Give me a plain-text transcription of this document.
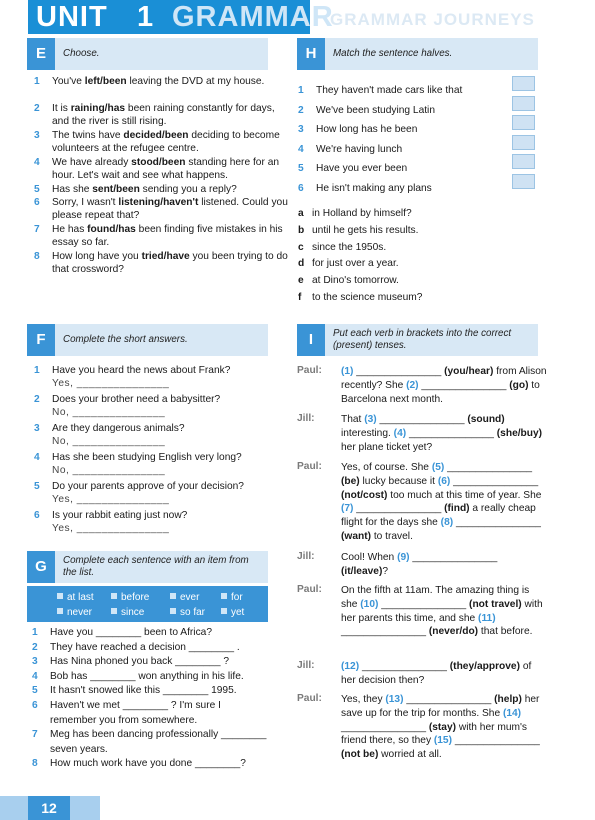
UNIT 1 GRAMMAR
GRAMMAR JOURNEYS
E	Choose.
1 You've left/been leaving the DVD at my house.
2 It is raining/has been raining constantly for days, and the river is still rising.
3 The twins have decided/been deciding to become volunteers at the refugee centre.
4 We have already stood/been standing here for an hour. Let's wait and see what happens.
5 Has she sent/been sending you a reply?
6 Sorry, I wasn't listening/haven't listened. Could you please repeat that?
7 He has found/has been finding five mistakes in his essay so far.
8 How long have you tried/have you been trying to do that crossword?
H	Match the sentence halves.
1 They haven't made cars like that
2 We've been studying Latin
3 How long has he been
4 We're having lunch
5 Have you ever been
6 He isn't making any plans
a in Holland by himself?
b until he gets his results.
c since the 1950s.
d for just over a year.
e at Dino's tomorrow.
f to the science museum?
F	Complete the short answers.
1 Have you heard the news about Frank?
Yes, _______________
2 Does your brother need a babysitter?
No, _______________
3 Are they dangerous animals?
No, _______________
4 Has she been studying English very long?
No, _______________
5 Do your parents approve of your decision?
Yes, _______________
6 Is your rabbit eating just now?
Yes, _______________
G	Complete each sentence with an item from the list.
at last	before	ever	for
never	since	so far	yet
1 Have you ________ been to Africa?
2 They have reached a decision ________ .
3 Has Nina phoned you back ________ ?
4 Bob has ________ won anything in his life.
5 It hasn't snowed like this ________ 1995.
6 Haven't we met ________ ? I'm sure I remember you from somewhere.
7 Meg has been dancing professionally ________ seven years.
8 How much work have you done ________?
I	Put each verb in brackets into the correct (present) tenses.
Paul: (1) _______________ (you/hear) from Alison recently? She (2) _______________ (go) to Barcelona next month.
Jill:	That (3) _______________ (sound) interesting. (4) _______________ (she/buy) her plane ticket yet?
Paul: Yes, of course. She (5) _______________ (be) lucky because it (6) _______________ (not/cost) too much at this time of year. She (7) _______________ (find) a really cheap flight for the days she (8) _______________ (want) to travel.
Jill:	Cool! When (9) _______________ (it/leave)?
Paul: On the fifth at 11am. The amazing thing is she (10) _______________ (not travel) with her parents this time, and she (11) _______________ (never/do) that before.
Jill:	(12) _______________ (they/approve) of her decision then?
Paul: Yes, they (13) _______________ (help) her save up for the trip for months. She (14) _______________ (stay) with her mum's friend there, so they (15) _______________ (not be) worried at all.
12
